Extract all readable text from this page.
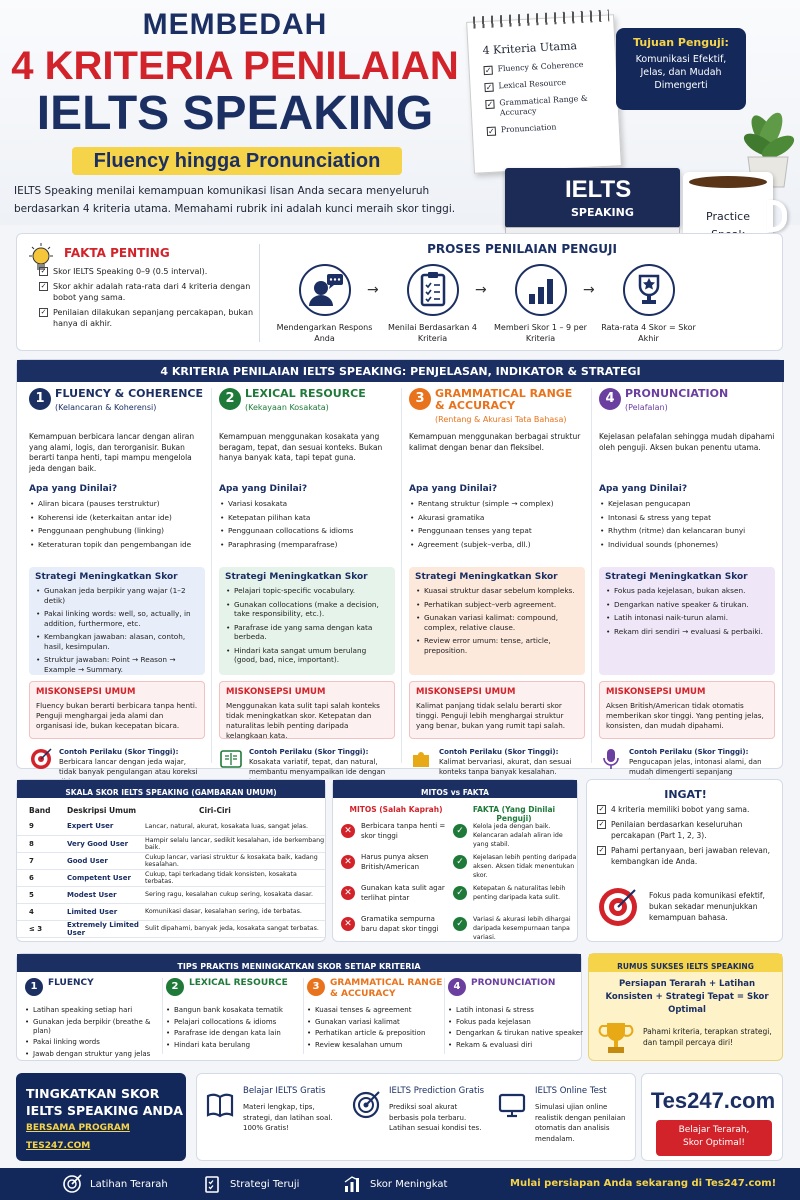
MEMBEDAH
4 KRITERIA PENILAIAN
IELTS SPEAKING
Fluency hingga Pronunciation
IELTS Speaking menilai kemampuan komunikasi lisan Anda secara menyeluruh berdasarkan 4 kriteria utama. Memahami rubrik ini adalah kunci meraih skor tinggi.
4 Kriteria Utama
✓ Fluency & Coherence
✓ Lexical Resource
✓ Grammatical Range & Accuracy
✓ Pronunciation
Tujuan Penguji:
Komunikasi Efektif, Jelas, dan Mudah Dimengerti
IELTS
SPEAKING	Practice
FAKTA PENTING
✓ Skor IELTS Speaking 0–9 (0.5 interval).
✓ Skor akhir adalah rata-rata dari 4 kriteria dengan bobot yang sama.
✓ Penilaian dilakukan sepanjang percakapan, bukan hanya di akhir.
PROSES PENILAIAN PENGUJI
Mendengarkan Respons Anda
→
Menilai Berdasarkan 4 Kriteria
→
Memberi Skor 1 – 9 per Kriteria
→
Rata-rata 4 Skor = Skor Akhir
4 KRITERIA PENILAIAN IELTS SPEAKING: PENJELASAN, INDIKATOR & STRATEGI
1 FLUENCY & COHERENCE
(Kelancaran & Koherensi)
Kemampuan berbicara lancar dengan aliran yang alami, logis, dan terorganisir. Bukan berarti tanpa henti, tapi mampu mengelola jeda dengan baik.
Apa yang Dinilai?
• Aliran bicara (pauses terstruktur)
• Koherensi ide (keterkaitan antar ide)
• Penggunaan penghubung (linking)
• Keteraturan topik dan pengembangan ide
Strategi Meningkatkan Skor
• Gunakan jeda berpikir yang wajar (1–2 detik)
• Pakai linking words: well, so, actually, in addition, furthermore, etc.
• Kembangkan jawaban: alasan, contoh, hasil, kesimpulan.
• Struktur jawaban: Point → Reason → Example → Summary.
MISKONSEPSI UMUM
Fluency bukan berarti berbicara tanpa henti. Penguji menghargai jeda alami dan organisasi ide, bukan kecepatan bicara.
Contoh Perilaku (Skor Tinggi):
Berbicara lancar dengan jeda wajar, tidak banyak pengulangan atau koreksi
2 LEXICAL RESOURCE
(Kekayaan Kosakata)
Kemampuan menggunakan kosakata yang beragam, tepat, dan sesuai konteks. Bukan hanya banyak kata, tapi tepat guna.
Apa yang Dinilai?
• Variasi kosakata
• Ketepatan pilihan kata
• Penggunaan collocations & idioms
• Paraphrasing (memparafrase)
Strategi Meningkatkan Skor
• Pelajari topic-specific vocabulary.
• Gunakan collocations (make a decision, take responsibility, etc.).
• Parafrase ide yang sama dengan kata berbeda.
• Hindari kata sangat umum berulang (good, bad, nice, important).
MISKONSEPSI UMUM
Menggunakan kata sulit tapi salah konteks tidak meningkatkan skor. Ketepatan dan naturalitas lebih penting daripada kelangkaan kata.
Contoh Perilaku (Skor Tinggi):
Kosakata variatif, tepat, dan natural, membantu menyampaikan ide dengan
3 GRAMMATICAL RANGE & ACCURACY
(Rentang & Akurasi Tata Bahasa)
Kemampuan menggunakan berbagai struktur kalimat dengan benar dan fleksibel.
Apa yang Dinilai?
• Rentang struktur (simple → complex)
• Akurasi gramatika
• Penggunaan tenses yang tepat
• Agreement (subjek–verba, dll.)
Strategi Meningkatkan Skor
• Kuasai struktur dasar sebelum kompleks.
• Perhatikan subject–verb agreement.
• Gunakan variasi kalimat: compound, complex, relative clause.
• Review error umum: tense, article, preposition.
MISKONSEPSI UMUM
Kalimat panjang tidak selalu berarti skor tinggi. Penguji lebih menghargai struktur yang benar, bukan yang rumit tapi salah.
Contoh Perilaku (Skor Tinggi):
Kalimat bervariasi, akurat, dan sesuai konteks tanpa banyak kesalahan.
4 PRONUNCIATION
(Pelafalan)
Kejelasan pelafalan sehingga mudah dipahami oleh penguji. Aksen bukan penentu utama.
Apa yang Dinilai?
• Kejelasan pengucapan
• Intonasi & stress yang tepat
• Rhythm (ritme) dan kelancaran bunyi
• Individual sounds (phonemes)
Strategi Meningkatkan Skor
• Fokus pada kejelasan, bukan aksen.
• Dengarkan native speaker & tirukan.
• Latih intonasi naik-turun alami.
• Rekam diri sendiri → evaluasi & perbaiki.
MISKONSEPSI UMUM
Aksen British/American tidak otomatis memberikan skor tinggi. Yang penting jelas, konsisten, dan mudah dipahami.
Contoh Perilaku (Skor Tinggi):
Pengucapan jelas, intonasi alami, dan mudah dimengerti sepanjang
SKALA SKOR IELTS SPEAKING (GAMBARAN UMUM)
Band	Deskripsi Umum	Ciri-Ciri
9	Expert User	Lancar, natural, akurat, kosakata luas, sangat jelas.
8	Very Good User	Hampir selalu lancar, sedikit kesalahan, ide berkembang baik.
7	Good User	Cukup lancar, variasi struktur & kosakata baik, kadang kesalahan.
6	Competent User	Cukup, tapi terkadang tidak konsisten, kosakata terbatas.
5	Modest User	Sering ragu, kesalahan cukup sering, kosakata dasar.
4	Limited User	Komunikasi dasar, kesalahan sering, ide terbatas.
≤ 3	Extremely Limited User	Sulit dipahami, banyak jeda, kosakata sangat terbatas.
MITOS vs FAKTA
MITOS (Salah Kaprah)	FAKTA (Yang Dinilai Penguji)
✕	Berbicara tanpa henti = skor tinggi	✓	Kelola jeda dengan baik. Kelancaran adalah aliran ide yang stabil.
✕	Harus punya aksen British/American	✓	Kejelasan lebih penting daripada aksen. Aksen tidak menentukan skor.
✕	Gunakan kata sulit agar terlihat pintar	✓	Ketepatan & naturalitas lebih penting daripada kata sulit.
✕	Gramatika sempurna baru dapat skor tinggi	✓	Variasi & akurasi lebih dihargai daripada kesempurnaan tanpa variasi.
INGAT!
✓ 4 kriteria memiliki bobot yang sama.
✓ Penilaian berdasarkan keseluruhan percakapan (Part 1, 2, 3).
✓ Pahami pertanyaan, beri jawaban relevan, kembangkan ide Anda.
Fokus pada komunikasi efektif, bukan sekadar menunjukkan kemampuan bahasa.
TIPS PRAKTIS MENINGKATKAN SKOR SETIAP KRITERIA
1	FLUENCY
• Latihan speaking setiap hari
• Gunakan jeda berpikir (breathe & plan)
• Pakai linking words
• Jawab dengan struktur yang jelas
2	LEXICAL RESOURCE
• Bangun bank kosakata tematik
• Pelajari collocations & idioms
• Parafrase ide dengan kata lain
• Hindari kata berulang
3	GRAMMATICAL RANGE & ACCURACY
• Kuasai tenses & agreement
• Gunakan variasi kalimat
• Perhatikan article & preposition
• Review kesalahan umum
4	PRONUNCIATION
• Latih intonasi & stress
• Fokus pada kejelasan
• Dengarkan & tirukan native speaker
• Rekam & evaluasi diri
RUMUS SUKSES IELTS SPEAKING
Persiapan Terarah + Latihan Konsisten + Strategi Tepat = Skor Optimal
Pahami kriteria, terapkan strategi, dan tampil percaya diri!
TINGKATKAN SKOR
IELTS SPEAKING ANDA
BERSAMA PROGRAM TES247.COM
Belajar IELTS Gratis
Materi lengkap, tips, strategi, dan latihan soal. 100% Gratis!
IELTS Prediction Gratis
Prediksi soal akurat berbasis pola terbaru. Latihan sesuai kondisi tes.
IELTS Online Test
Simulasi ujian online realistik dengan penilaian otomatis dan analisis mendalam.
Tes247.com
Belajar Terarah, Skor Optimal!
Latihan Terarah	Strategi Teruji	Skor Meningkat	Mulai persiapan Anda sekarang di Tes247.com!
